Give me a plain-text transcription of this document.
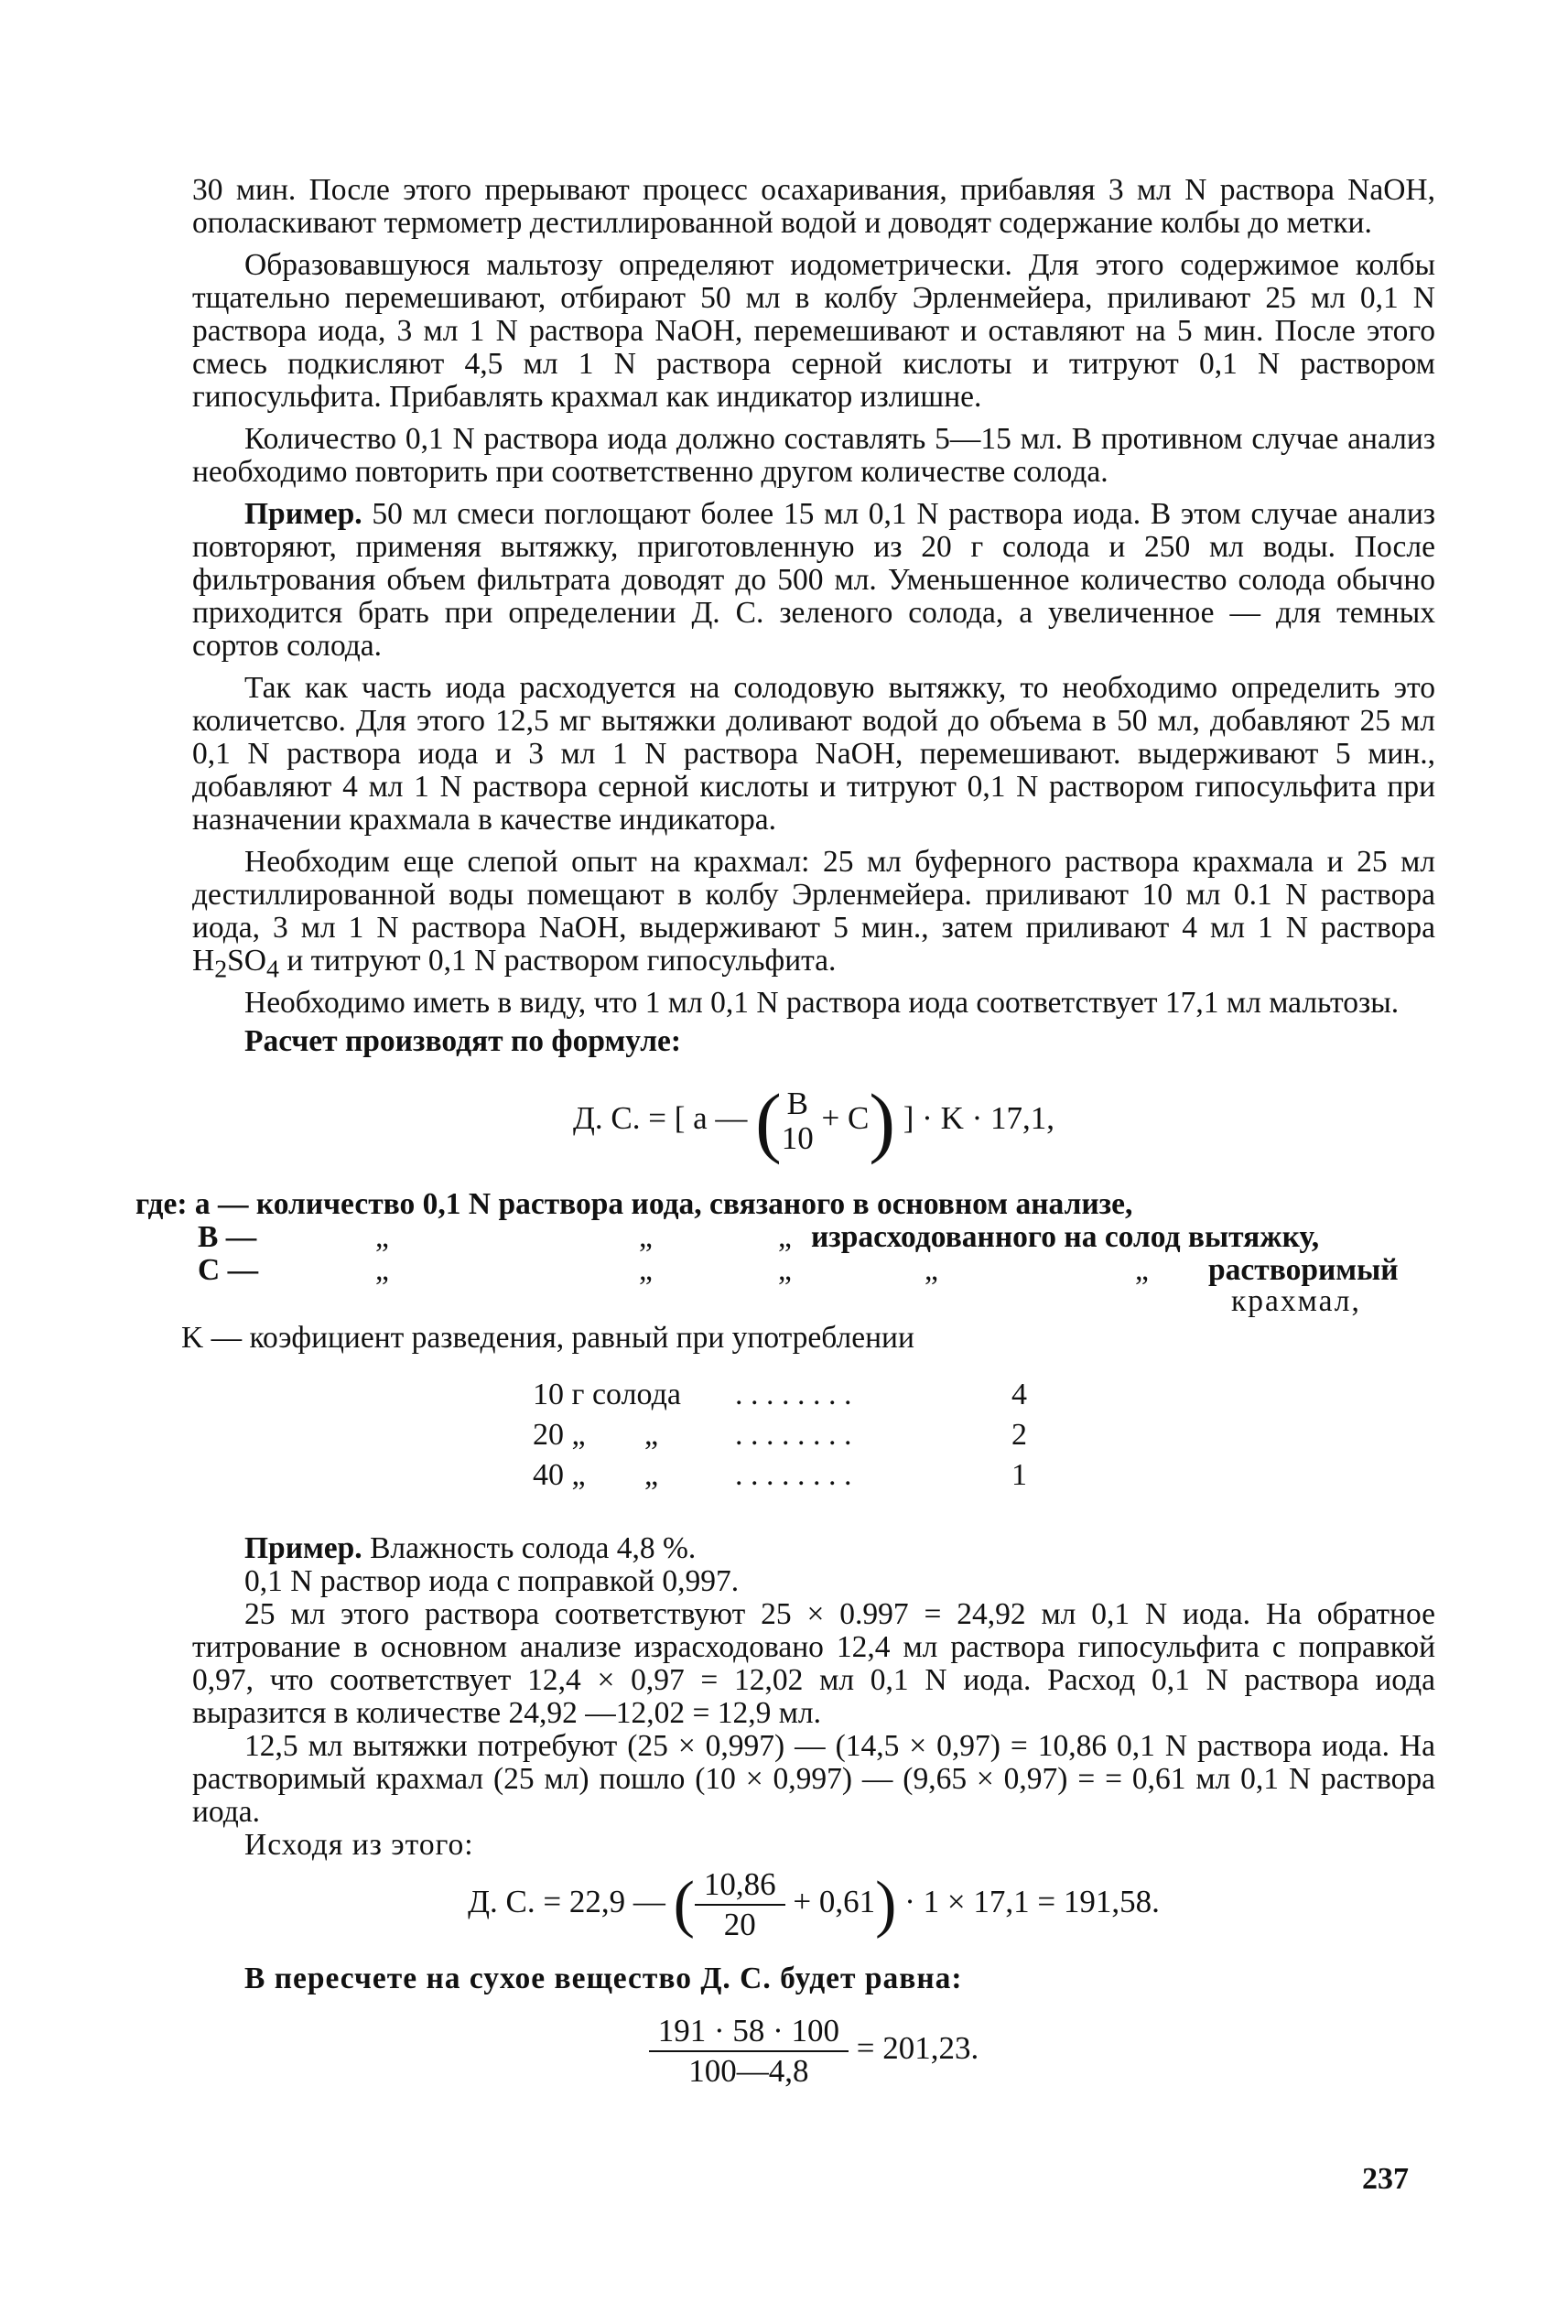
30 мин. После этого прерывают процесс осахаривания, прибавляя 3 мл N раствора NaOH, ополаскивают термометр дестиллированной водой и доводят содержание колбы до метки.

Образовавшуюся мальтозу определяют иодометрически. Для этого содержимое колбы тщательно перемешивают, отбирают 50 мл в колбу Эрленмейера, приливают 25 мл 0,1 N раствора иода, 3 мл 1 N раствора NaOH, перемешивают и оставляют на 5 мин. После этого смесь подкисляют 4,5 мл 1 N раствора серной кислоты и титруют 0,1 N раствором гипосульфита. Прибавлять крахмал как индикатор излишне.

Количество 0,1 N раствора иода должно составлять 5—15 мл. В противном случае анализ необходимо повторить при соответственно другом количестве солода.

Пример. 50 мл смеси поглощают более 15 мл 0,1 N раствора иода. В этом случае анализ повторяют, применяя вытяжку, приготовленную из 20 г солода и 250 мл воды. После фильтрования объем фильтрата доводят до 500 мл. Уменьшенное количество солода обычно приходится брать при определении Д. С. зеленого солода, а увеличенное — для темных сортов солода.

Так как часть иода расходуется на солодовую вытяжку, то необходимо определить это количетсво. Для этого 12,5 мг вытяжки доливают водой до объема в 50 мл, добавляют 25 мл 0,1 N раствора иода и 3 мл 1 N раствора NaOH, перемешивают. выдерживают 5 мин., добавляют 4 мл 1 N раствора серной кислоты и титруют 0,1 N раствором гипосульфита при назначении крахмала в качестве индикатора.

Необходим еще слепой опыт на крахмал: 25 мл буферного раствора крахмала и 25 мл дестиллированной воды помещают в колбу Эрленмейера. приливают 10 мл 0.1 N раствора иода, 3 мл 1 N раствора NaOH, выдерживают 5 мин., затем приливают 4 мл 1 N раствора $H_2SO_4$ и титруют 0,1 N раствором гипосульфита.

Необходимо иметь в виду, что 1 мл 0,1 N раствора иода соответствует 17,1 мл мальтозы.

Расчет производят по формуле:

Д. С. = [ a — ( B
10
+ C) ] · K · 17,1,
где: a — количество 0,1 N раствора иода, связаного в основном анализе,
B —	„	„	„ израсходованного на солод вытяжку,
C —	„	„	„	„	„ растворимый
крахмал,
K — коэфициент разведения, равный при употреблении
10 г солода . . . . . . . .	4
20 „ „ . . . . . . . .	2
40 „ „ . . . . . . . .	1

Пример. Влажность солода 4,8 %.

0,1 N раствор иода с поправкой 0,997.

25 мл этого раствора соответствуют 25 × 0.997 = 24,92 мл 0,1 N иода. На обратное титрование в основном анализе израсходовано 12,4 мл раствора гипосульфита с поправкой 0,97, что соответствует 12,4 × 0,97 = 12,02 мл 0,1 N иода. Расход 0,1 N раствора иода выразится в количестве 24,92 —12,02 = 12,9 мл.

12,5 мл вытяжки потребуют (25 × 0,997) — (14,5 × 0,97) = 10,86 0,1 N раствора иода. На растворимый крахмал (25 мл) пошло (10 × 0,997) — (9,65 × 0,97) = = 0,61 мл 0,1 N раствора иода.

Исходя из этого:

Д. С. = 22,9 — ( $\frac{10,86}{20} + 0,61) \cdot 1 \times 17,1 = 191,58$.

В пересчете на сухое вещество Д. С. будет равна:

$\frac{191 \cdot 58 \cdot 100}{100—4,8} = 201,23$.
237
